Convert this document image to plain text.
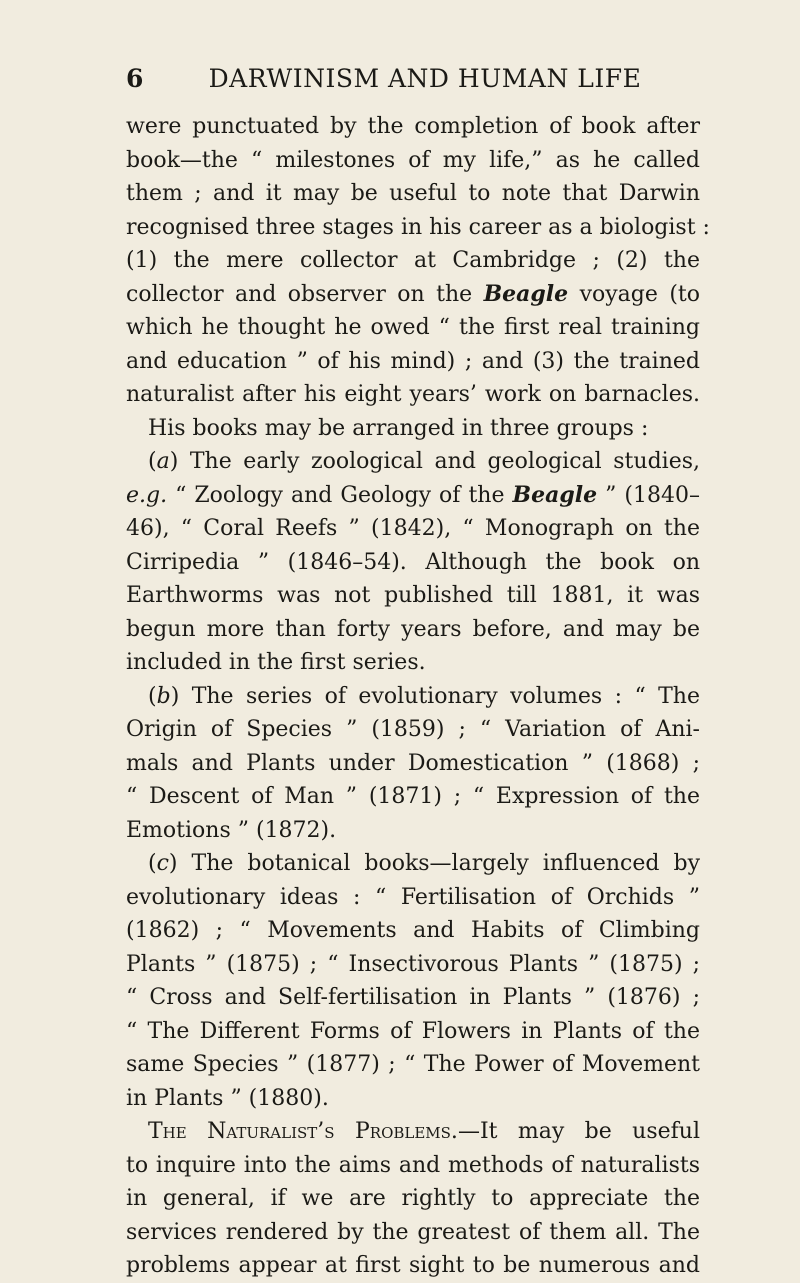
6	DARWINISM AND HUMAN LIFE
were punctuated by the completion of book after
book—the “ milestones of my life,” as he called
them ; and it may be useful to note that Darwin
recognised three stages in his career as a biologist :
(1) the mere collector at Cambridge ; (2) the
collector and observer on the Beagle voyage (to
which he thought he owed “ the first real training
and education ” of his mind) ; and (3) the trained
naturalist after his eight years’ work on barnacles.
His books may be arranged in three groups :
(a) The early zoological and geological studies,
e.g. “ Zoology and Geology of the Beagle ” (1840–
46), “ Coral Reefs ” (1842), “ Monograph on the
Cirripedia ” (1846–54). Although the book on
Earthworms was not published till 1881, it was
begun more than forty years before, and may be
included in the first series.
(b) The series of evolutionary volumes : “ The
Origin of Species ” (1859) ; “ Variation of Ani-
mals and Plants under Domestication ” (1868) ;
“ Descent of Man ” (1871) ; “ Expression of the
Emotions ” (1872).
(c) The botanical books—largely influenced by
evolutionary ideas : “ Fertilisation of Orchids ”
(1862) ; “ Movements and Habits of Climbing
Plants ” (1875) ; “ Insectivorous Plants ” (1875) ;
“ Cross and Self-fertilisation in Plants ” (1876) ;
“ The Different Forms of Flowers in Plants of the
same Species ” (1877) ; “ The Power of Movement
in Plants ” (1880).
The Naturalist’s Problems.—It may be useful
to inquire into the aims and methods of naturalists
in general, if we are rightly to appreciate the
services rendered by the greatest of them all. The
problems appear at first sight to be numerous and
